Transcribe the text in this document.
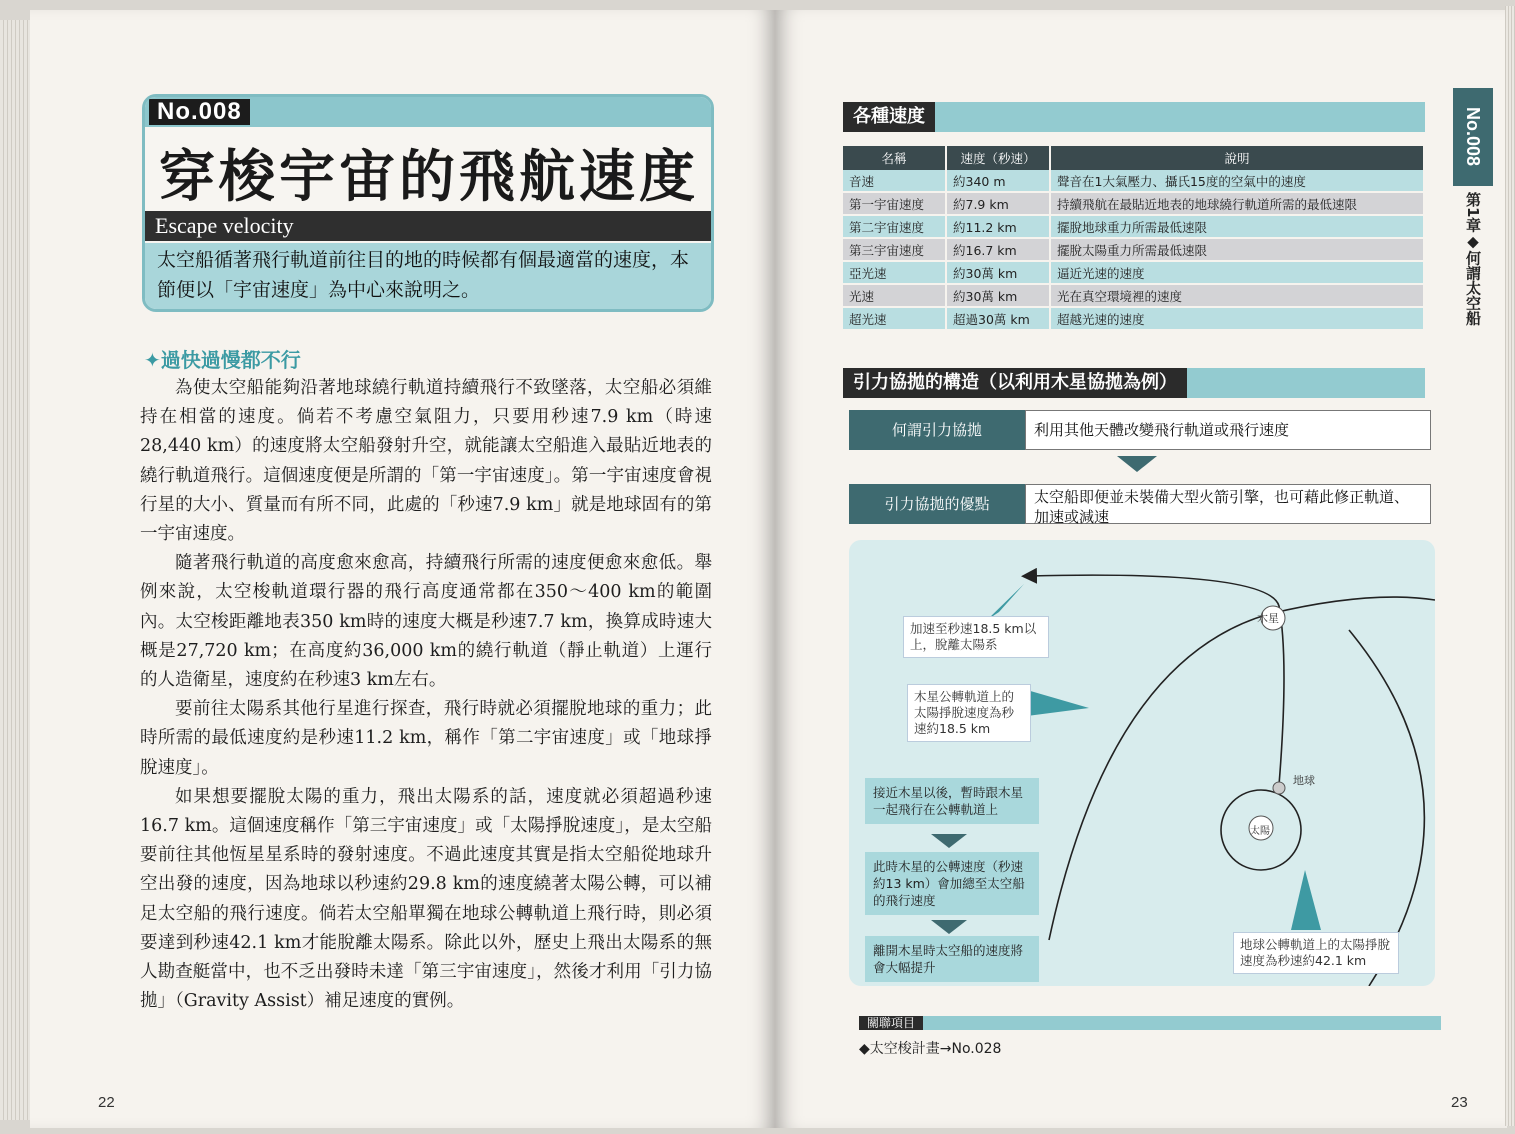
No.008
穿梭宇宙的飛航速度
Escape velocity
太空船循著飛行軌道前往目的地的時候都有個最適當的速度，本節便以「宇宙速度」為中心來說明之。
✦過快過慢都不行

為使太空船能夠沿著地球繞行軌道持續飛行不致墜落，太空船必須維持在相當的速度。倘若不考慮空氣阻力，只要用秒速7.9 km（時速28,440 km）的速度將太空船發射升空，就能讓太空船進入最貼近地表的繞行軌道飛行。這個速度便是所謂的「第一宇宙速度」。第一宇宙速度會視行星的大小、質量而有所不同，此處的「秒速7.9 km」就是地球固有的第一宇宙速度。

隨著飛行軌道的高度愈來愈高，持續飛行所需的速度便愈來愈低。舉例來說，太空梭軌道環行器的飛行高度通常都在350～400 km的範圍內。太空梭距離地表350 km時的速度大概是秒速7.7 km，換算成時速大概是27,720 km；在高度約36,000 km的繞行軌道（靜止軌道）上運行的人造衛星，速度約在秒速3 km左右。

要前往太陽系其他行星進行探查，飛行時就必須擺脫地球的重力；此時所需的最低速度約是秒速11.2 km，稱作「第二宇宙速度」或「地球掙脫速度」。

如果想要擺脫太陽的重力，飛出太陽系的話，速度就必須超過秒速16.7 km。這個速度稱作「第三宇宙速度」或「太陽掙脫速度」，是太空船要前往其他恆星星系時的發射速度。不過此速度其實是指太空船從地球升空出發的速度，因為地球以秒速約29.8 km的速度繞著太陽公轉，可以補足太空船的飛行速度。倘若太空船單獨在地球公轉軌道上飛行時，則必須要達到秒速42.1 km才能脫離太陽系。除此以外，歷史上飛出太陽系的無人勘查艇當中，也不乏出發時未達「第三宇宙速度」，然後才利用「引力協拋」（Gravity Assist）補足速度的實例。

22
各種速度
名稱	速度（秒速）	說明
音速	約340 m	聲音在1大氣壓力、攝氏15度的空氣中的速度
第一宇宙速度	約7.9 km	持續飛航在最貼近地表的地球繞行軌道所需的最低速限
第二宇宙速度	約11.2 km	擺脫地球重力所需最低速限
第三宇宙速度	約16.7 km	擺脫太陽重力所需最低速限
亞光速	約30萬 km	逼近光速的速度
光速	約30萬 km	光在真空環境裡的速度
超光速	超過30萬 km	超越光速的速度
引力協拋的構造（以利用木星協拋為例）
何謂引力協拋	利用其他天體改變飛行軌道或飛行速度
引力協拋的優點	太空船即便並未裝備大型火箭引擎，也可藉此修正軌道、加速或減速
加速至秒速18.5 km以上，脫離太陽系
木星公轉軌道上的太陽掙脫速度為秒速約18.5 km
地球公轉軌道上的太陽掙脫速度為秒速約42.1 km
木星
地球
太陽
接近木星以後，暫時跟木星一起飛行在公轉軌道上
此時木星的公轉速度（秒速約13 km）會加總至太空船的飛行速度
離開木星時太空船的速度將會大幅提升
關聯項目
◆太空梭計畫→No.028
No.008
第1章◆何謂太空船
23
